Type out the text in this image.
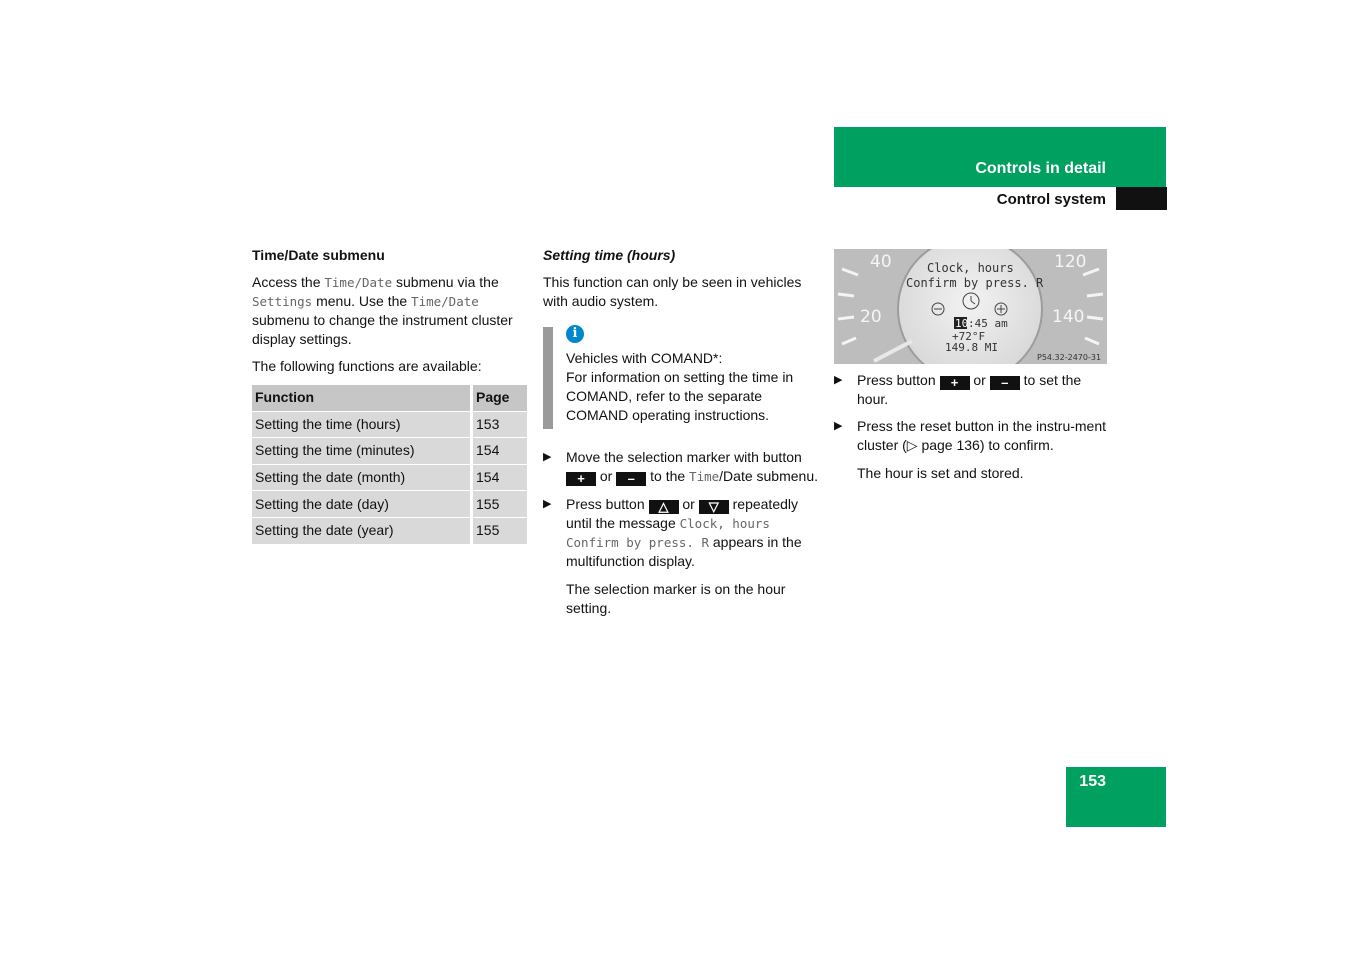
Controls in detail
Control system
Time/Date submenu

Access the Time/Date submenu via the Settings menu. Use the Time/Date submenu to change the instrument cluster display settings.

The following functions are available:

Function	Page
Setting the time (hours)	153
Setting the time (minutes)	154
Setting the date (month)	154
Setting the date (day)	155
Setting the date (year)	155
Setting time (hours)

This function can only be seen in vehicles with audio system.

i

Vehicles with COMAND*:

For information on setting the time in COMAND, refer to the separate COMAND operating instructions.

▶ Move the selection marker with button + or – to the Time/Date submenu.
▶ Press button △ or ▽ repeatedly until the message Clock, hours Confirm by press. R appears in the multifunction display.

The selection marker is on the hour setting.

40	120
20	140
Clock, hours
Confirm by press. R
10 :45 am
+72°F
149.8 MI
P54.32-2470-31
▶ Press button + or – to set the hour.
▶ Press the reset button in the instru-ment cluster (▷ page 136) to confirm.

The hour is set and stored.

153
